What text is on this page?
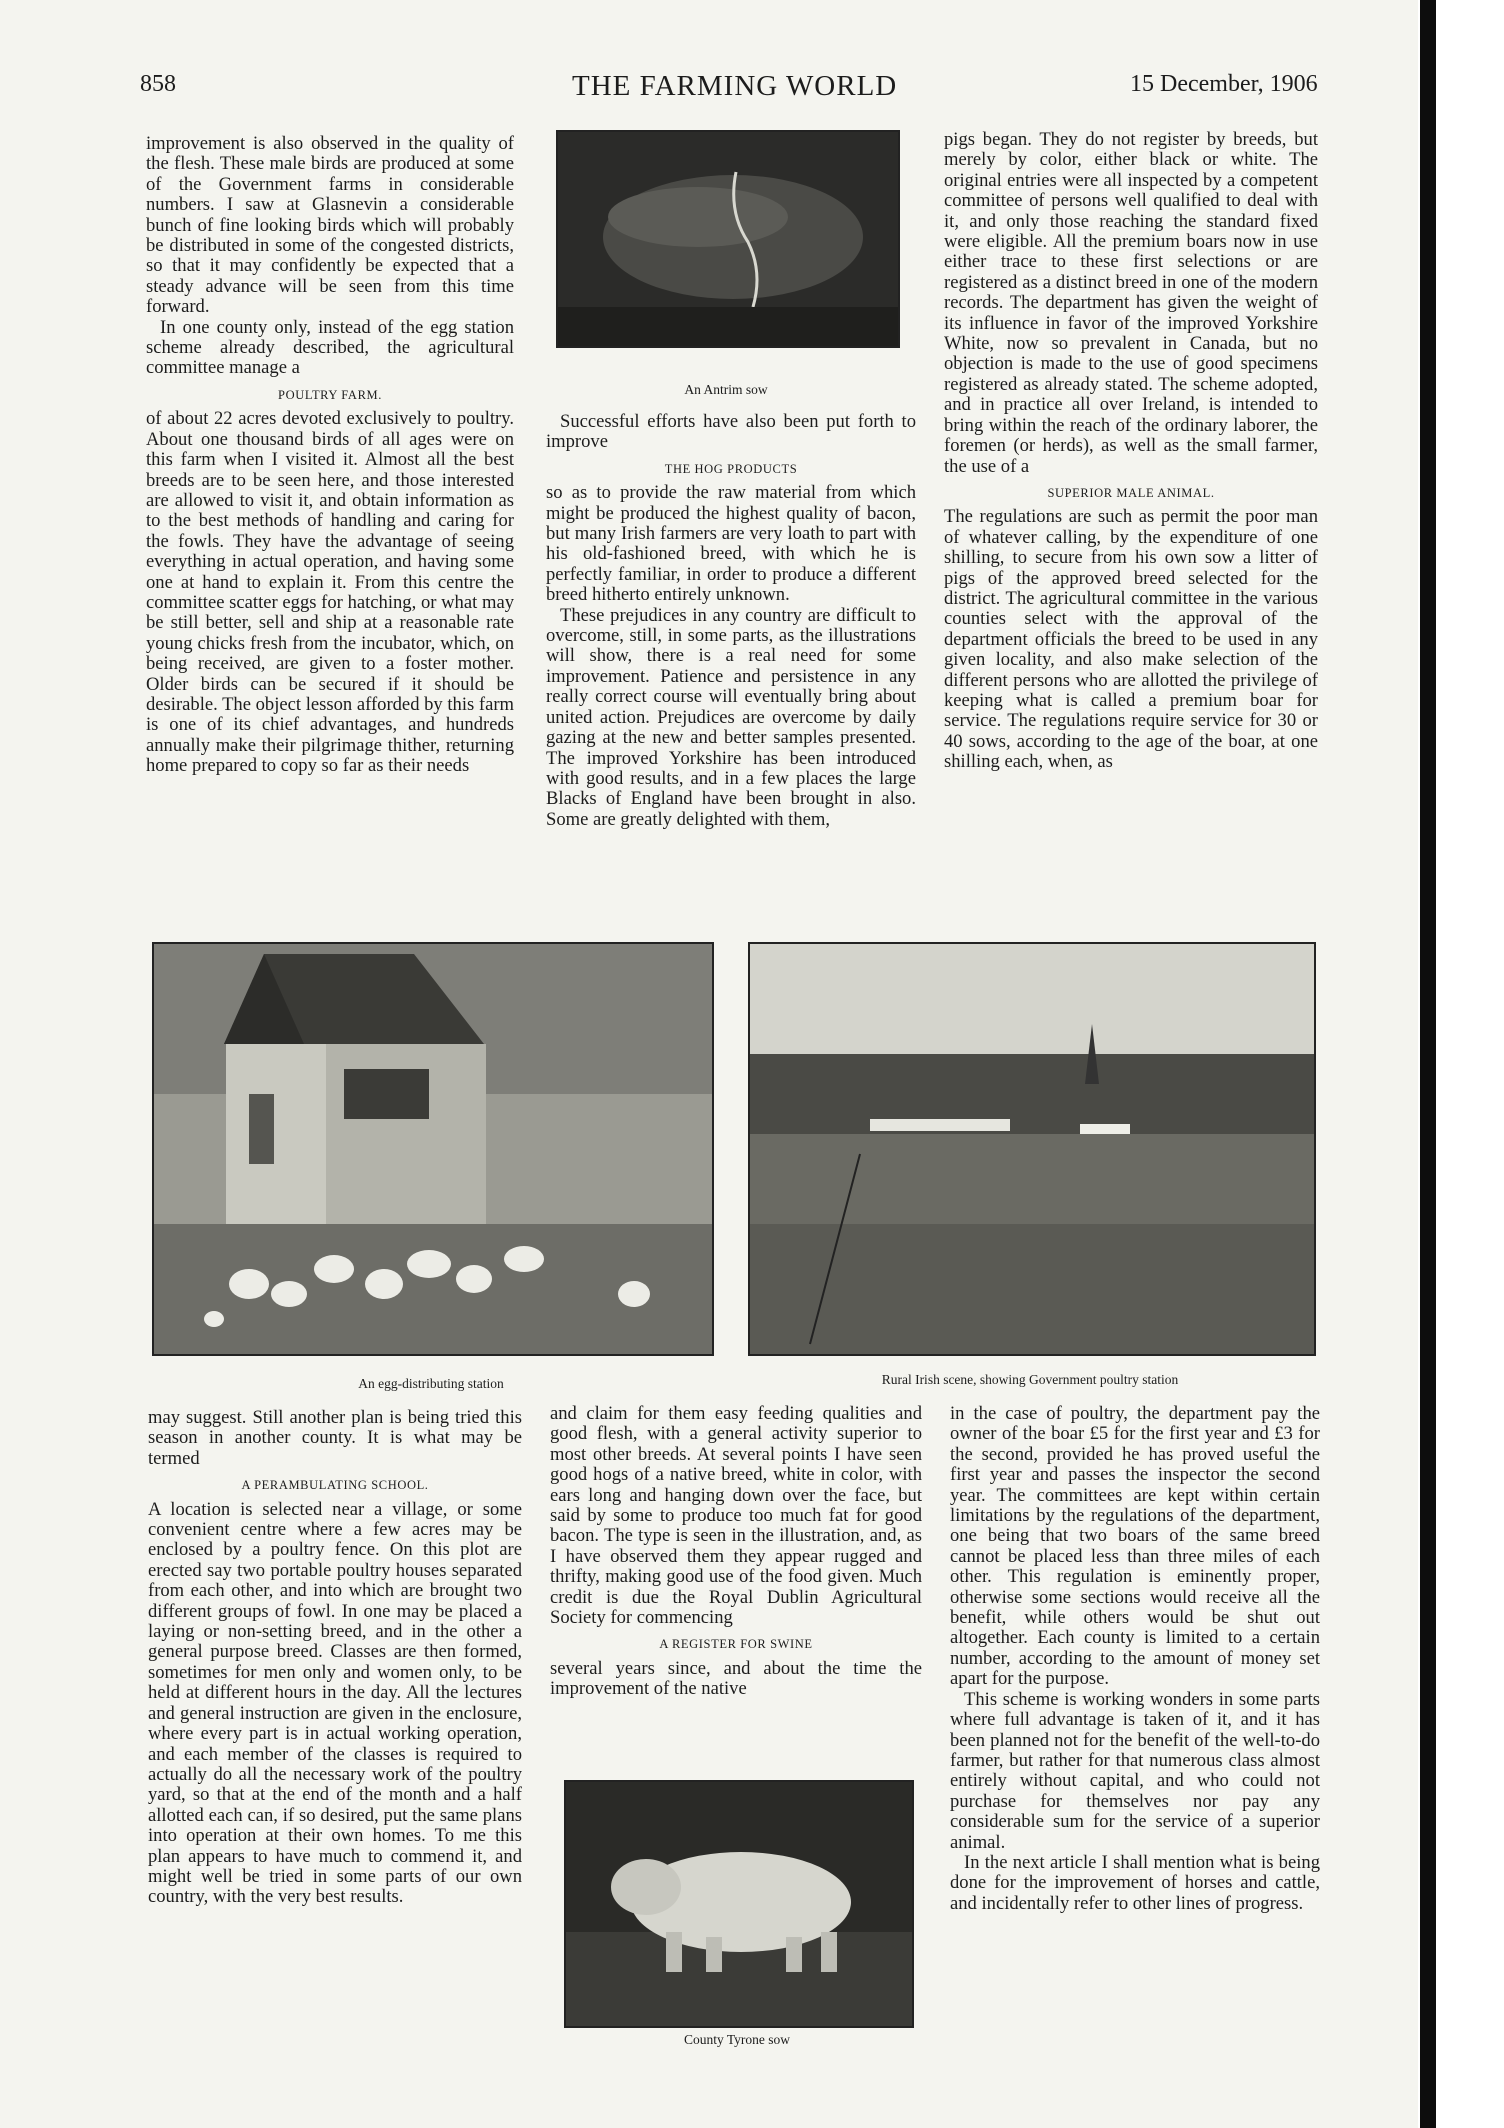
858	THE FARMING WORLD	15 December, 1906

improvement is also observed in the quality of the flesh. These male birds are produced at some of the Government farms in considerable numbers. I saw at Glasnevin a considerable bunch of fine looking birds which will probably be distributed in some of the congested districts, so that it may confidently be expected that a steady advance will be seen from this time forward.

In one county only, instead of the egg station scheme already described, the agricultural committee manage a

POULTRY FARM.

of about 22 acres devoted exclusively to poultry. About one thousand birds of all ages were on this farm when I visited it. Almost all the best breeds are to be seen here, and those interested are allowed to visit it, and obtain information as to the best methods of handling and caring for the fowls. They have the advantage of seeing everything in actual operation, and having some one at hand to explain it. From this centre the committee scatter eggs for hatching, or what may be still better, sell and ship at a reasonable rate young chicks fresh from the incubator, which, on being received, are given to a foster mother. Older birds can be secured if it should be desirable. The object lesson afforded by this farm is one of its chief advantages, and hundreds annually make their pilgrimage thither, returning home prepared to copy so far as their needs

An Antrim sow

Successful efforts have also been put forth to improve

THE HOG PRODUCTS

so as to provide the raw material from which might be produced the highest quality of bacon, but many Irish farmers are very loath to part with his old-fashioned breed, with which he is perfectly familiar, in order to produce a different breed hitherto entirely unknown.

These prejudices in any country are difficult to overcome, still, in some parts, as the illustrations will show, there is a real need for some improvement. Patience and persistence in any really correct course will eventually bring about united action. Prejudices are overcome by daily gazing at the new and better samples presented. The improved Yorkshire has been introduced with good results, and in a few places the large Blacks of England have been brought in also. Some are greatly delighted with them,

pigs began. They do not register by breeds, but merely by color, either black or white. The original entries were all inspected by a competent committee of persons well qualified to deal with it, and only those reaching the standard fixed were eligible. All the premium boars now in use either trace to these first selections or are registered as a distinct breed in one of the modern records. The department has given the weight of its influence in favor of the improved Yorkshire White, now so prevalent in Canada, but no objection is made to the use of good specimens registered as already stated. The scheme adopted, and in practice all over Ireland, is intended to bring within the reach of the ordinary laborer, the foremen (or herds), as well as the small farmer, the use of a

SUPERIOR MALE ANIMAL.

The regulations are such as permit the poor man of whatever calling, by the expenditure of one shilling, to secure from his own sow a litter of pigs of the approved breed selected for the district. The agricultural committee in the various counties select with the approval of the department officials the breed to be used in any given locality, and also make selection of the different persons who are allotted the privilege of keeping what is called a premium boar for service. The regulations require service for 30 or 40 sows, according to the age of the boar, at one shilling each, when, as

An egg-distributing station	Rural Irish scene, showing Government poultry station

may suggest. Still another plan is being tried this season in another county. It is what may be termed

A PERAMBULATING SCHOOL.

A location is selected near a village, or some convenient centre where a few acres may be enclosed by a poultry fence. On this plot are erected say two portable poultry houses separated from each other, and into which are brought two different groups of fowl. In one may be placed a laying or non-setting breed, and in the other a general purpose breed. Classes are then formed, sometimes for men only and women only, to be held at different hours in the day. All the lectures and general instruction are given in the enclosure, where every part is in actual working operation, and each member of the classes is required to actually do all the necessary work of the poultry yard, so that at the end of the month and a half allotted each can, if so desired, put the same plans into operation at their own homes. To me this plan appears to have much to commend it, and might well be tried in some parts of our own country, with the very best results.

and claim for them easy feeding qualities and good flesh, with a general activity superior to most other breeds. At several points I have seen good hogs of a native breed, white in color, with ears long and hanging down over the face, but said by some to produce too much fat for good bacon. The type is seen in the illustration, and, as I have observed them they appear rugged and thrifty, making good use of the food given. Much credit is due the Royal Dublin Agricultural Society for commencing

A REGISTER FOR SWINE

several years since, and about the time the improvement of the native

County Tyrone sow

in the case of poultry, the department pay the owner of the boar £5 for the first year and £3 for the second, provided he has proved useful the first year and passes the inspector the second year. The committees are kept within certain limitations by the regulations of the department, one being that two boars of the same breed cannot be placed less than three miles of each other. This regulation is eminently proper, otherwise some sections would receive all the benefit, while others would be shut out altogether. Each county is limited to a certain number, according to the amount of money set apart for the purpose.

This scheme is working wonders in some parts where full advantage is taken of it, and it has been planned not for the benefit of the well-to-do farmer, but rather for that numerous class almost entirely without capital, and who could not purchase for themselves nor pay any considerable sum for the service of a superior animal.

In the next article I shall mention what is being done for the improvement of horses and cattle, and incidentally refer to other lines of progress.
